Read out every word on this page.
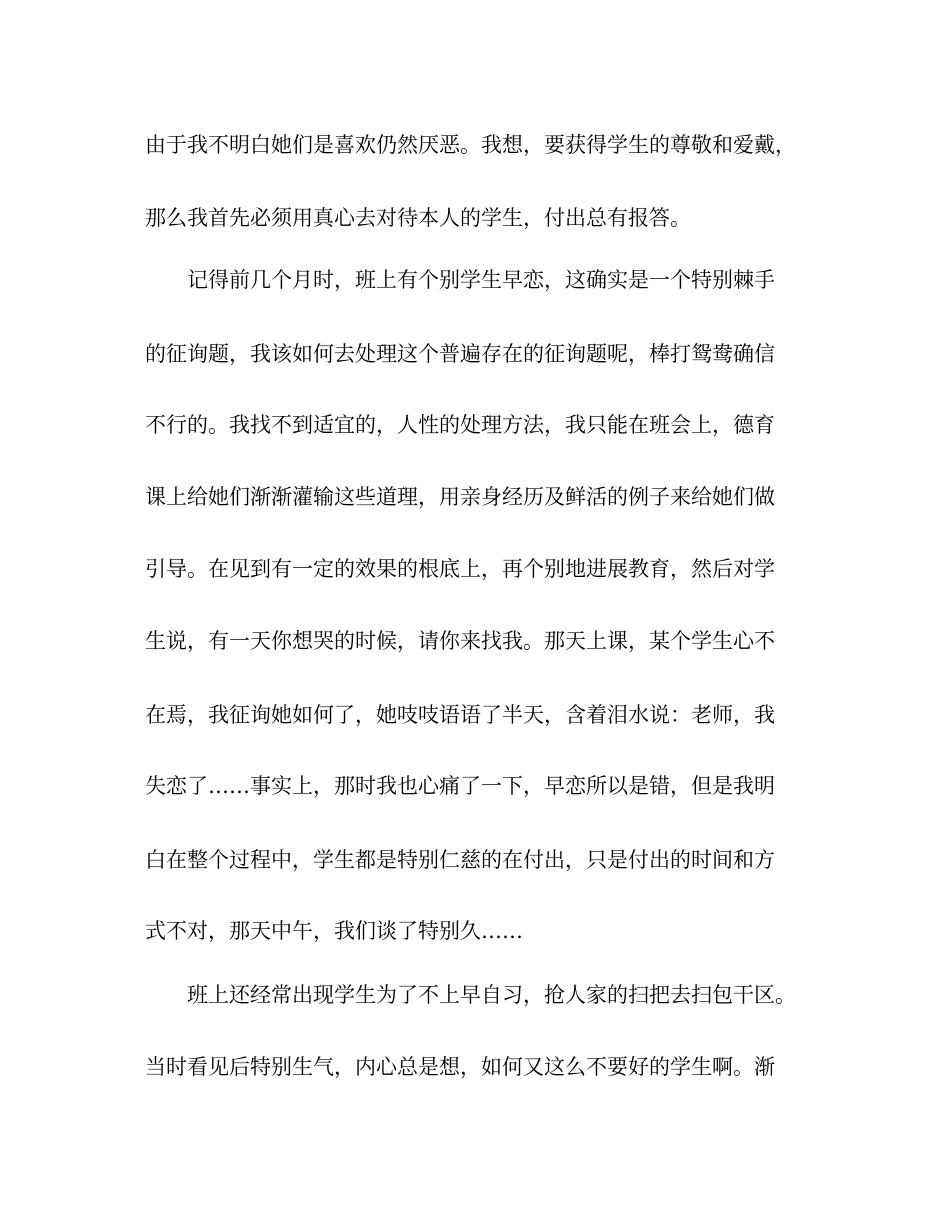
由于我不明白她们是喜欢仍然厌恶。我想，要获得学生的尊敬和爱戴，
那么我首先必须用真心去对待本人的学生，付出总有报答。
记得前几个月时，班上有个别学生早恋，这确实是一个特别棘手
的征询题，我该如何去处理这个普遍存在的征询题呢，棒打鸳鸯确信
不行的。我找不到适宜的，人性的处理方法，我只能在班会上，德育
课上给她们渐渐灌输这些道理，用亲身经历及鲜活的例子来给她们做
引导。在见到有一定的效果的根底上，再个别地进展教育，然后对学
生说，有一天你想哭的时候，请你来找我。那天上课，某个学生心不
在焉，我征询她如何了，她吱吱语语了半天，含着泪水说：老师，我
失恋了……事实上，那时我也心痛了一下，早恋所以是错，但是我明
白在整个过程中，学生都是特别仁慈的在付出，只是付出的时间和方
式不对，那天中午，我们谈了特别久……
班上还经常出现学生为了不上早自习，抢人家的扫把去扫包干区。
当时看见后特别生气，内心总是想，如何又这么不要好的学生啊。渐
